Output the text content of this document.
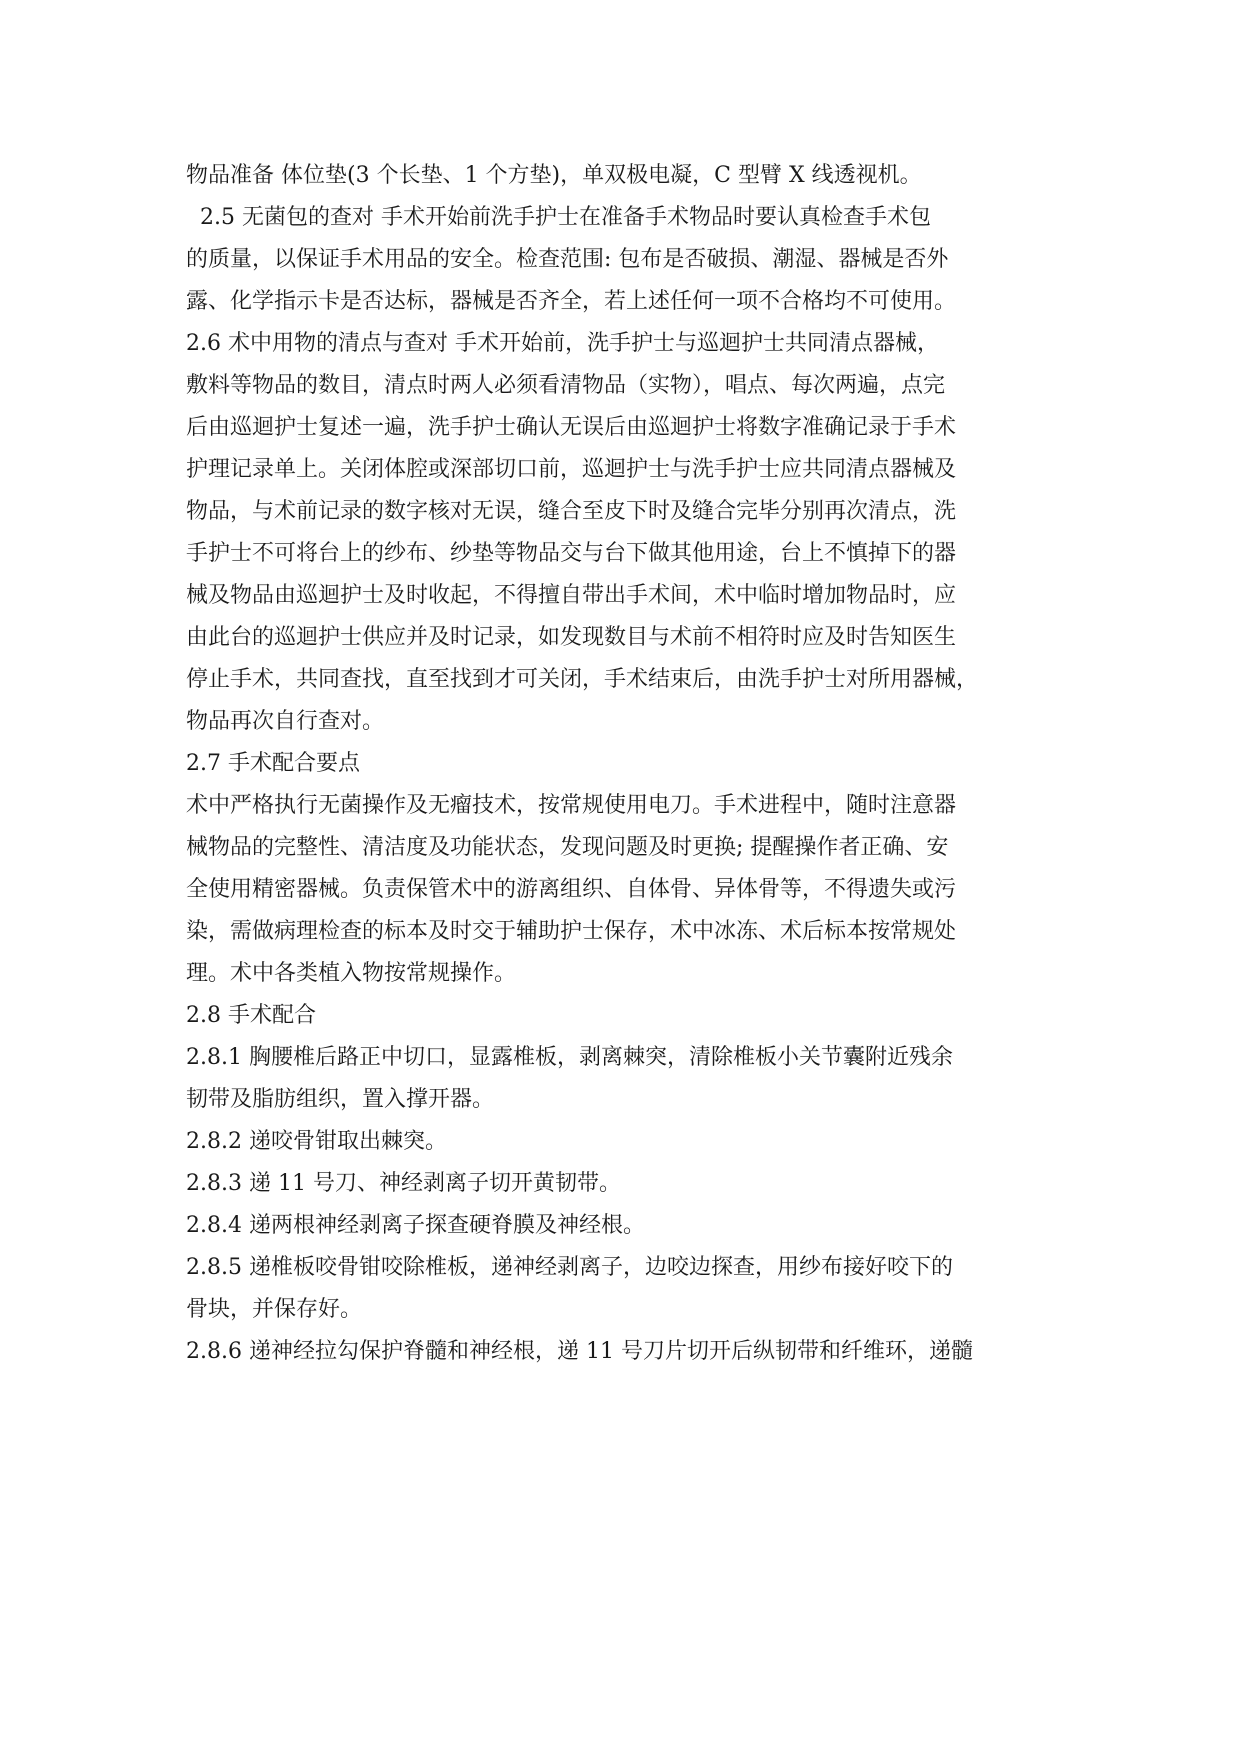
物品准备 体位垫(3 个长垫、1 个方垫)，单双极电凝，C 型臂 X 线透视机。
2.5 无菌包的查对 手术开始前洗手护士在准备手术物品时要认真检查手术包
的质量，以保证手术用品的安全。检查范围: 包布是否破损、潮湿、器械是否外
露、化学指示卡是否达标，器械是否齐全，若上述任何一项不合格均不可使用。
2.6 术中用物的清点与查对 手术开始前，洗手护士与巡迴护士共同清点器械，
敷料等物品的数目，清点时两人必须看清物品（实物），唱点、每次两遍，点完
后由巡迴护士复述一遍，洗手护士确认无误后由巡迴护士将数字准确记录于手术
护理记录单上。关闭体腔或深部切口前，巡迴护士与洗手护士应共同清点器械及
物品，与术前记录的数字核对无误，缝合至皮下时及缝合完毕分别再次清点，洗
手护士不可将台上的纱布、纱垫等物品交与台下做其他用途，台上不慎掉下的器
械及物品由巡迴护士及时收起，不得擅自带出手术间，术中临时增加物品时，应
由此台的巡迴护士供应并及时记录，如发现数目与术前不相符时应及时告知医生
停止手术，共同查找，直至找到才可关闭，手术结束后，由洗手护士对所用器械，
物品再次自行查对。
2.7 手术配合要点
术中严格执行无菌操作及无瘤技术，按常规使用电刀。手术进程中，随时注意器
械物品的完整性、清洁度及功能状态，发现问题及时更换; 提醒操作者正确、安
全使用精密器械。负责保管术中的游离组织、自体骨、异体骨等，不得遗失或污
染，需做病理检查的标本及时交于辅助护士保存，术中冰冻、术后标本按常规处
理。术中各类植入物按常规操作。
2.8 手术配合
2.8.1 胸腰椎后路正中切口，显露椎板，剥离棘突，清除椎板小关节囊附近残余
韧带及脂肪组织，置入撑开器。
2.8.2 递咬骨钳取出棘突。
2.8.3 递 11 号刀、神经剥离子切开黄韧带。
2.8.4 递两根神经剥离子探查硬脊膜及神经根。
2.8.5 递椎板咬骨钳咬除椎板，递神经剥离子，边咬边探查，用纱布接好咬下的
骨块，并保存好。
2.8.6 递神经拉勾保护脊髓和神经根，递 11 号刀片切开后纵韧带和纤维环，递髓
